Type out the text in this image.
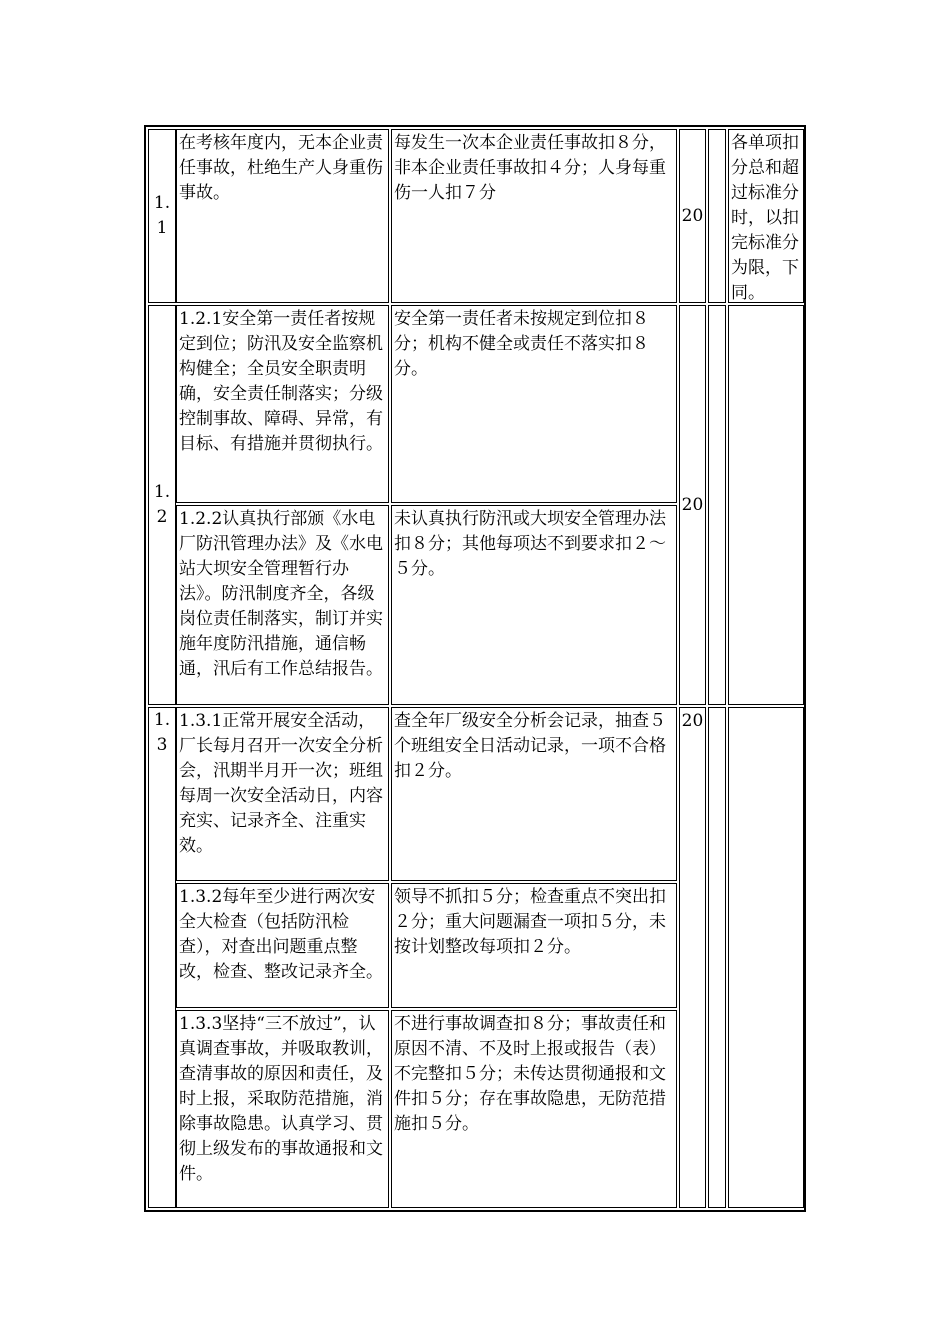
1.
1
在考核年度内，无本企业责任事故，杜绝生产人身重伤事故。
每发生一次本企业责任事故扣８分，非本企业责任事故扣４分；人身每重伤一人扣７分
20
各单项扣分总和超过标准分时，以扣完标准分为限，下同。
1.
2
1.2.1安全第一责任者按规定到位；防汛及安全监察机构健全；全员安全职责明确，安全责任制落实；分级控制事故、障碍、异常，有目标、有措施并贯彻执行。
安全第一责任者未按规定到位扣８分；机构不健全或责任不落实扣８分。
1.2.2认真执行部颁《水电厂防汛管理办法》及《水电站大坝安全管理暂行办法》。防汛制度齐全，各级岗位责任制落实，制订并实施年度防汛措施，通信畅通，汛后有工作总结报告。
未认真执行防汛或大坝安全管理办法扣８分；其他每项达不到要求扣２～５分。
20
1.
3
1.3.1正常开展安全活动，厂长每月召开一次安全分析会，汛期半月开一次；班组每周一次安全活动日，内容充实、记录齐全、注重实效。
查全年厂级安全分析会记录，抽查５个班组安全日活动记录，一项不合格扣２分。
1.3.2每年至少进行两次安全大检查（包括防汛检查），对查出问题重点整改，检查、整改记录齐全。
领导不抓扣５分；检查重点不突出扣２分；重大问题漏查一项扣５分，未按计划整改每项扣２分。
1.3.3坚持“三不放过”，认真调查事故，并吸取教训，查清事故的原因和责任，及时上报，采取防范措施，消除事故隐患。认真学习、贯彻上级发布的事故通报和文件。
不进行事故调查扣８分；事故责任和原因不清、不及时上报或报告（表）不完整扣５分；未传达贯彻通报和文件扣５分；存在事故隐患，无防范措施扣５分。
20
